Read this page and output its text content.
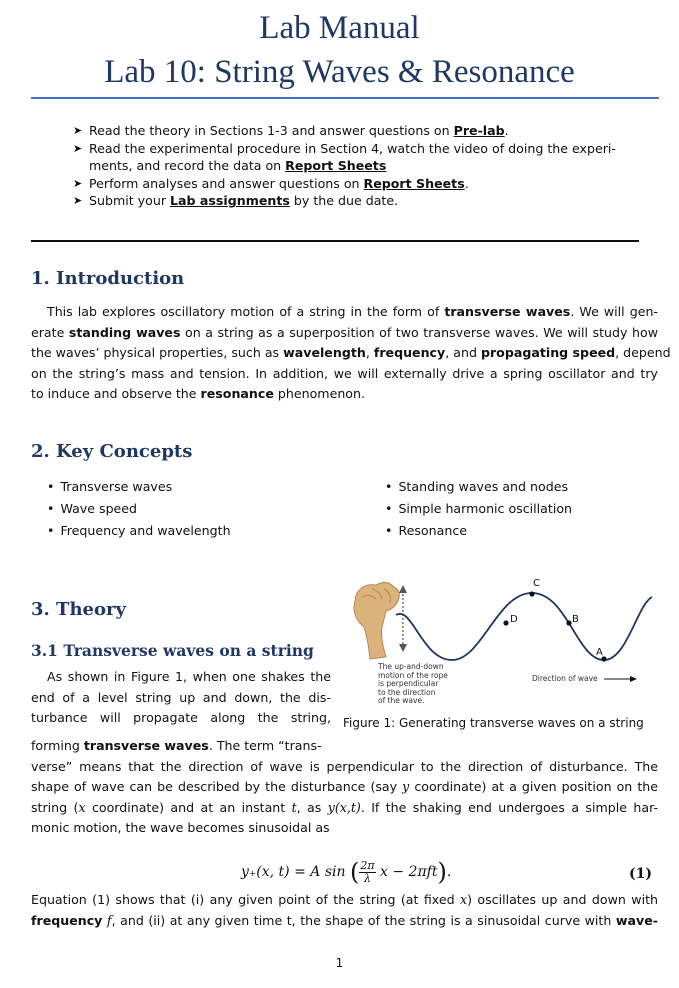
Lab Manual
Lab 10: String Waves & Resonance
➤ Read the theory in Sections 1-3 and answer questions on Pre-lab.
➤ Read the experimental procedure in Section 4, watch the video of doing the experi-
ments, and record the data on Report Sheets
➤ Perform analyses and answer questions on Report Sheets.
➤ Submit your Lab assignments by the due date.
1. Introduction
This lab explores oscillatory motion of a string in the form of transverse waves. We will gen-
erate standing waves on a string as a superposition of two transverse waves. We will study how
the waves’ physical properties, such as wavelength, frequency, and propagating speed, depend
on the string’s mass and tension. In addition, we will externally drive a spring oscillator and try
to induce and observe the resonance phenomenon.
2. Key Concepts
• Transverse waves
• Wave speed
• Frequency and wavelength
• Standing waves and nodes
• Simple harmonic oscillation
• Resonance
3. Theory
3.1 Transverse waves on a string
As shown in Figure 1, when one shakes the
end of a level string up and down, the dis-
turbance will propagate along the string,
forming transverse waves. The term “trans-
verse” means that the direction of wave is perpendicular to the direction of disturbance. The
shape of wave can be described by the disturbance (say y coordinate) at a given position on the
string (x coordinate) and at an instant t, as y(x,t). If the shaking end undergoes a simple har-
monic motion, the wave becomes sinusoidal as
y₊(x, t) = A sin ( $\frac{2\pi}{\lambda}$ x − 2πft).	(1)
Equation (1) shows that (i) any given point of the string (at fixed x) oscillates up and down with
frequency f, and (ii) at any given time t, the shape of the string is a sinusoidal curve with wave-
C
D	B
A
The up-and-down
motion of the rope
is perpendicular
to the direction
of the wave.
Direction of wave
Figure 1: Generating transverse waves on a string
1
